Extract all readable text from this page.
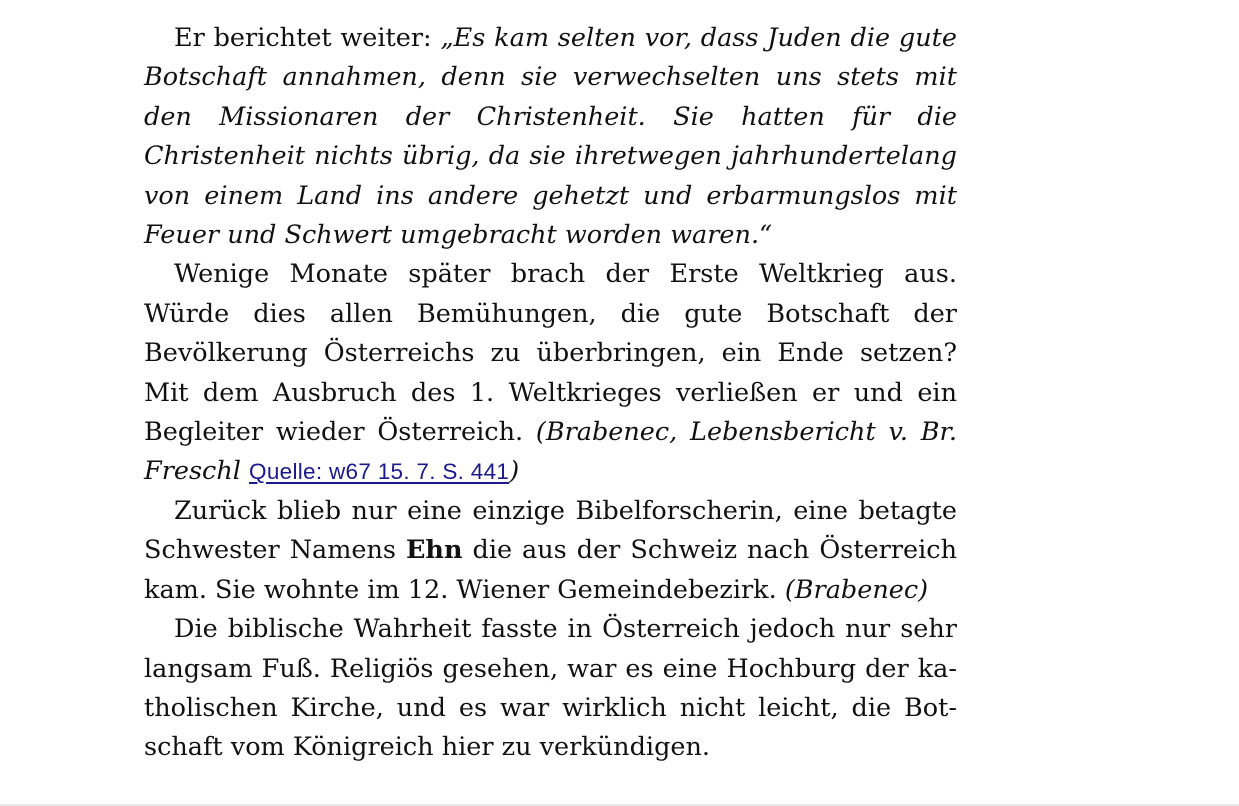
Er berichtet weiter: „Es kam selten vor, dass Juden die gute Botschaft annahmen, denn sie verwechselten uns stets mit den Missionaren der Christenheit. Sie hatten für die Christenheit nichts übrig, da sie ihretwegen jahrhundertelang von einem Land ins andere gehetzt und erbarmungslos mit Feuer und Schwert umgebracht worden waren.“

Wenige Monate später brach der Erste Weltkrieg aus. Würde dies allen Bemühungen, die gute Botschaft der Bevölkerung Österreichs zu überbringen, ein Ende setzen? Mit dem Ausbruch des 1. Weltkrieges verließen er und ein Begleiter wieder Österreich. (Brabenec, Lebensbericht v. Br. Freschl Quelle: w67 15. 7. S. 441)

Zurück blieb nur eine einzige Bibelforscherin, eine betagte Schwester Namens Ehn die aus der Schweiz nach Österreich kam. Sie wohnte im 12. Wiener Gemeindebezirk. (Brabenec)

Die biblische Wahrheit fasste in Österreich jedoch nur sehr langsam Fuß. Religiös gesehen, war es eine Hochburg der katholischen Kirche, und es war wirklich nicht leicht, die Botschaft vom Königreich hier zu verkündigen.
